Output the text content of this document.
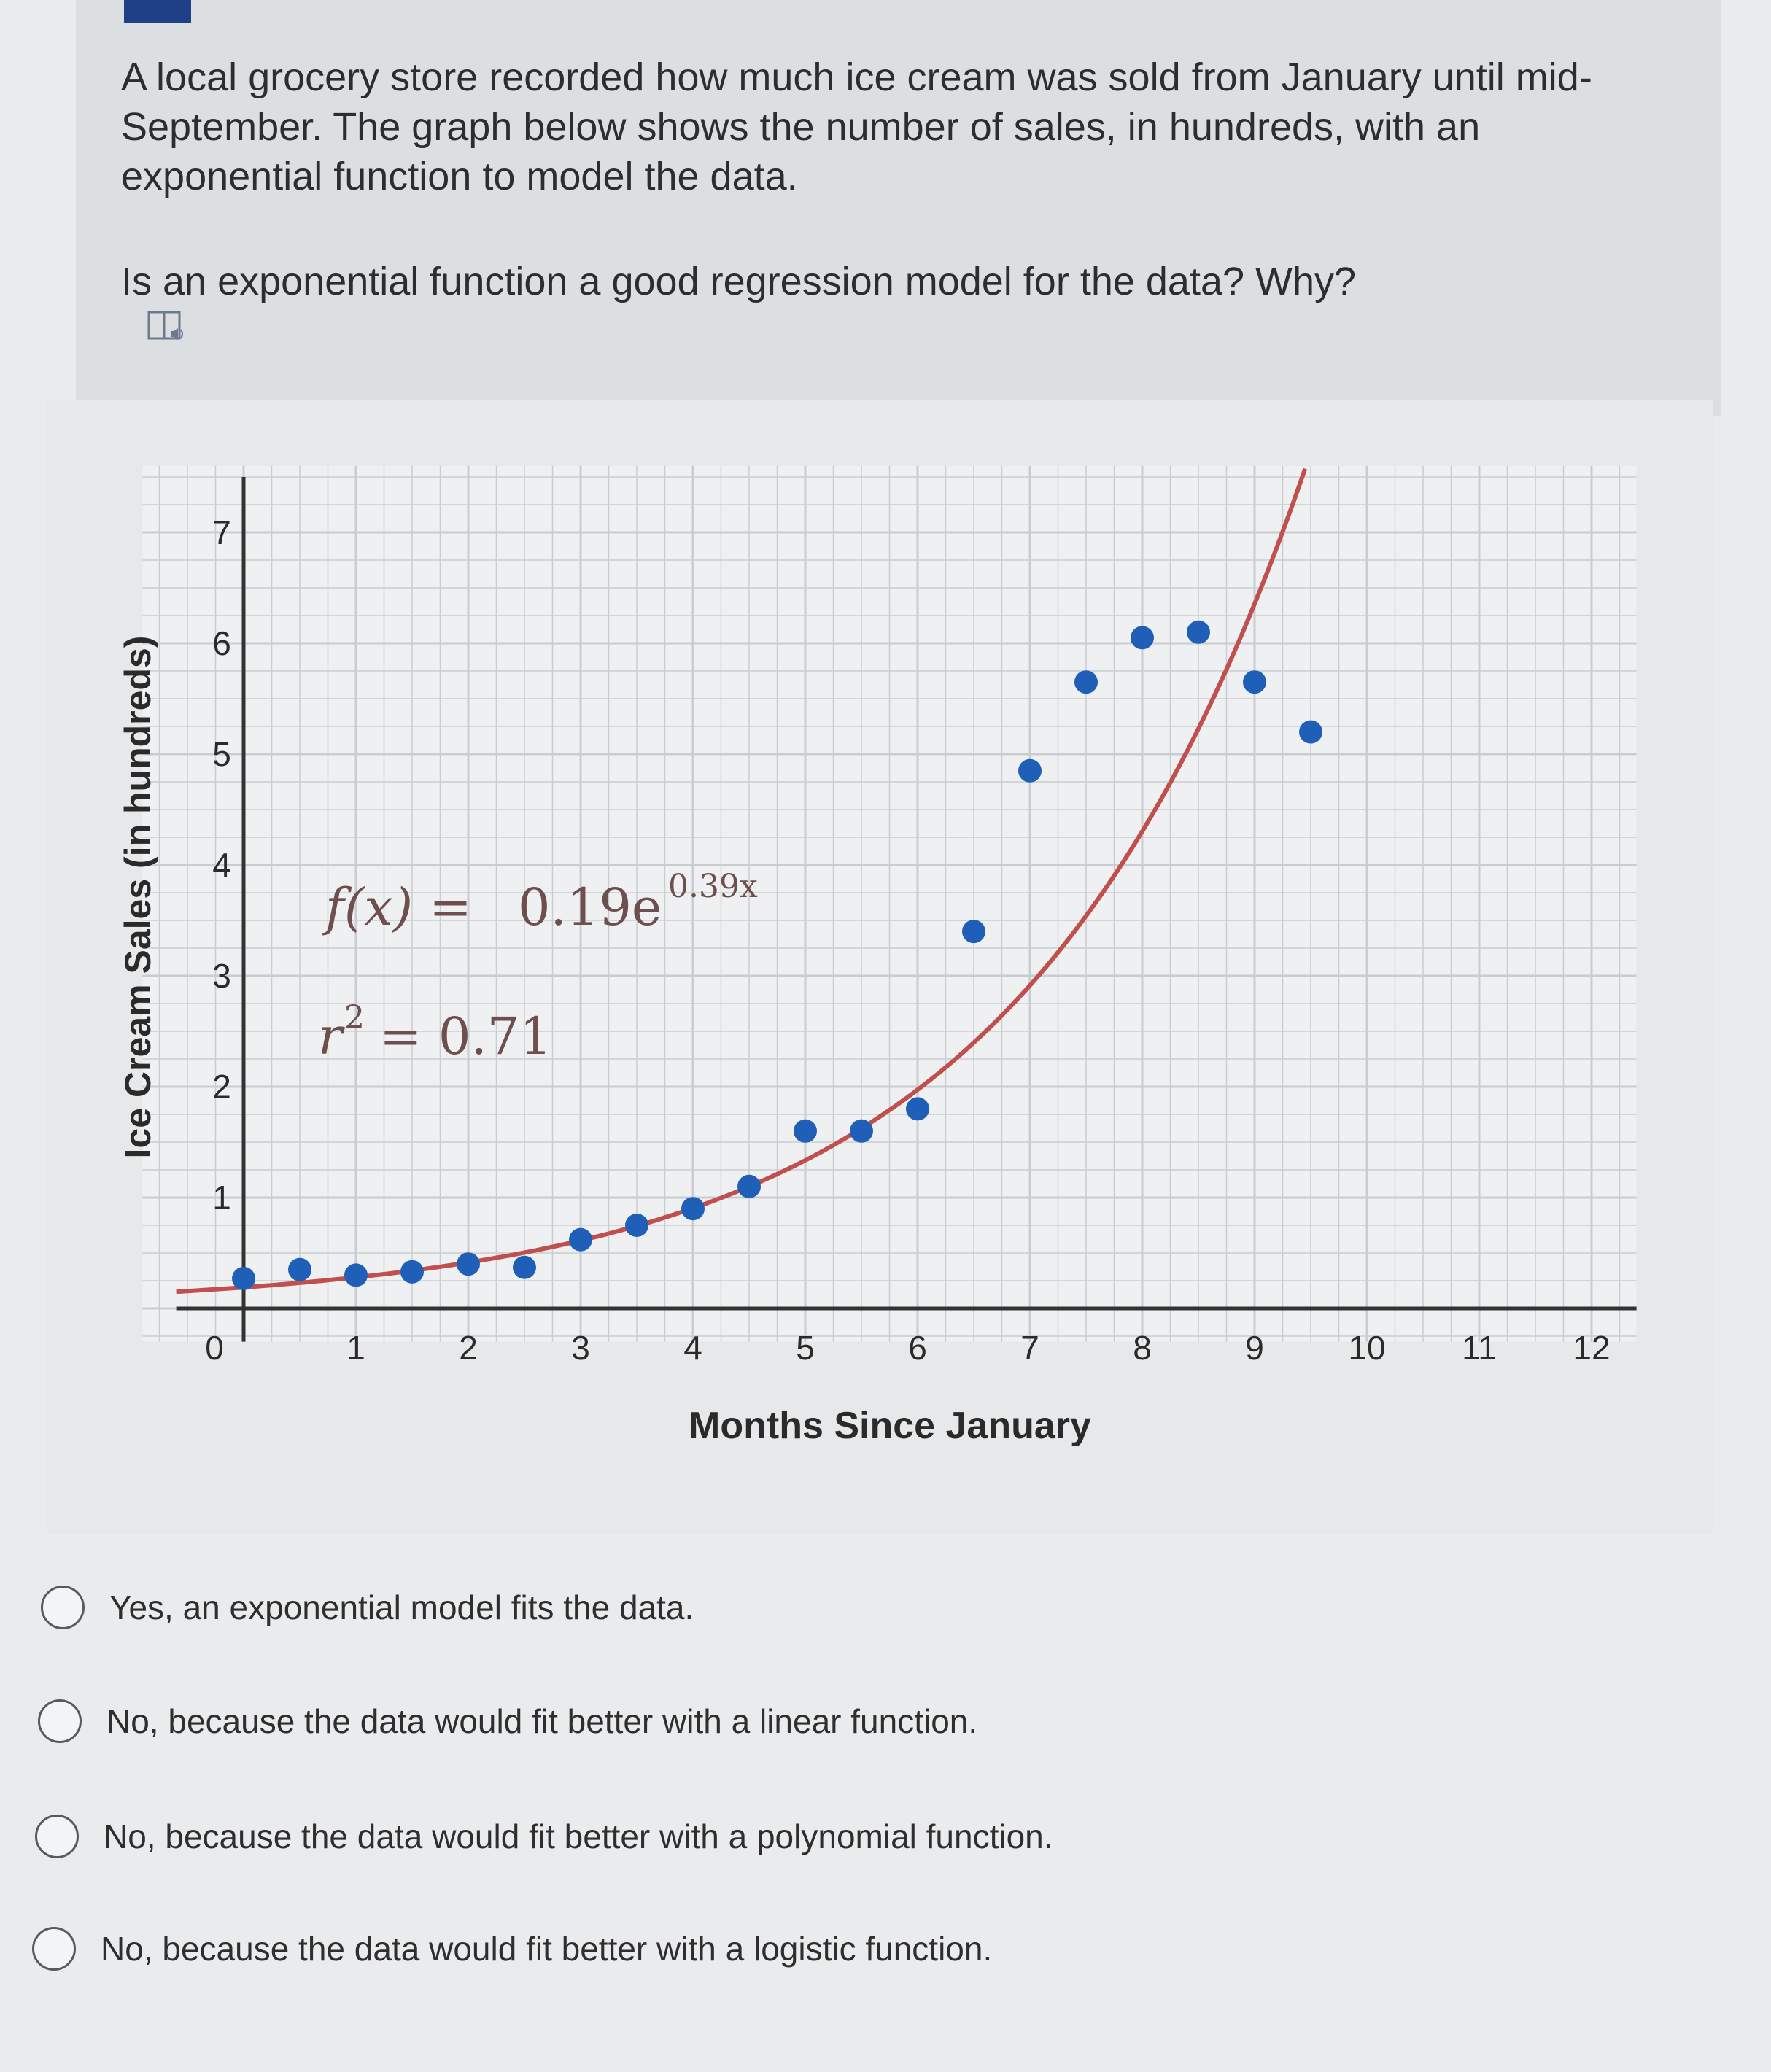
A local grocery store recorded how much ice cream was sold from January until mid-September. The graph below shows the number of sales, in hundreds, with an exponential function to model the data.
Is an exponential function a good regression model for the data? Why?
0	1	2	3	4	5	6	7	8	9	10 11 12
1
2
3
4
5
6
7
Ice Cream Sales (in hundreds)
Months Since January
f(x) = 0.19e 0.39x
r 2 = 0.71
Yes, an exponential model fits the data.
No, because the data would fit better with a linear function.
No, because the data would fit better with a polynomial function.
No, because the data would fit better with a logistic function.
